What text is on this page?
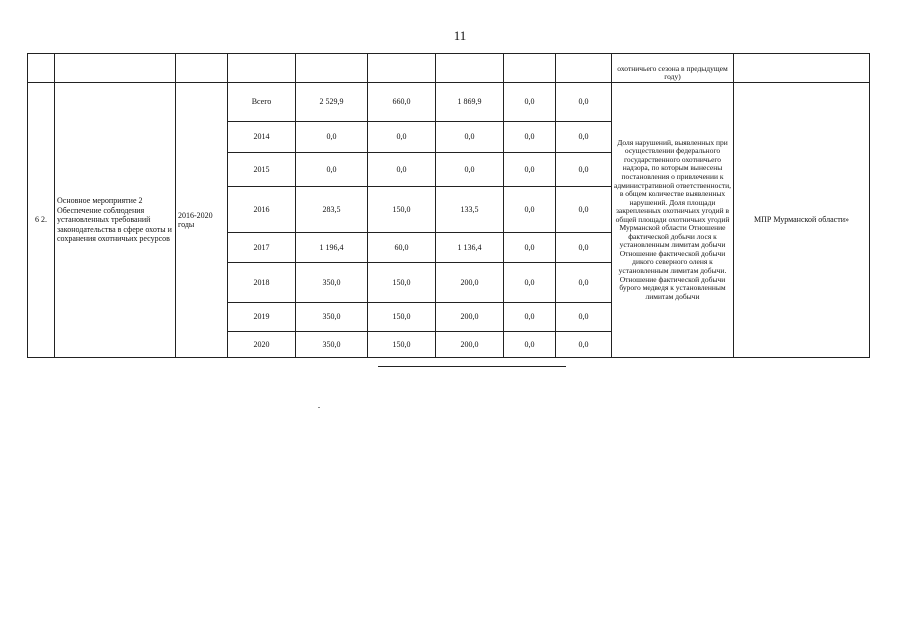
11
									охотничьего сезона в предыдущем году)	
6 2.	Основное мероприятие 2 Обеспечение соблюдения установленных требований законодательства в сфере охоты и сохранения охотничьих ресурсов	2016-2020 годы	Всего	2 529,9	660,0	1 869,9	0,0	0,0	Доля нарушений, выявленных при осуществлении федерального государственного охотничьего надзора, по которым вынесены постановления о привлечении к административной ответственности, в общем количестве выявленных нарушений. Доля площади закрепленных охотничьих угодий в общей площади охотничьих угодий Мурманской области Отношение фактической добычи лося к установленным лимитам добычи Отношение фактической добычи дикого северного оленя к установленным лимитам добычи. Отношение фактической добычи бурого медведя к установленным лимитам добычи	МПР Мурманской области»
			2014	0,0	0,0	0,0	0,0	0,0		
			2015	0,0	0,0	0,0	0,0	0,0		
			2016	283,5	150,0	133,5	0,0	0,0		
			2017	1 196,4	60,0	1 136,4	0,0	0,0		
			2018	350,0	150,0	200,0	0,0	0,0		
			2019	350,0	150,0	200,0	0,0	0,0		
			2020	350,0	150,0	200,0	0,0	0,0		
